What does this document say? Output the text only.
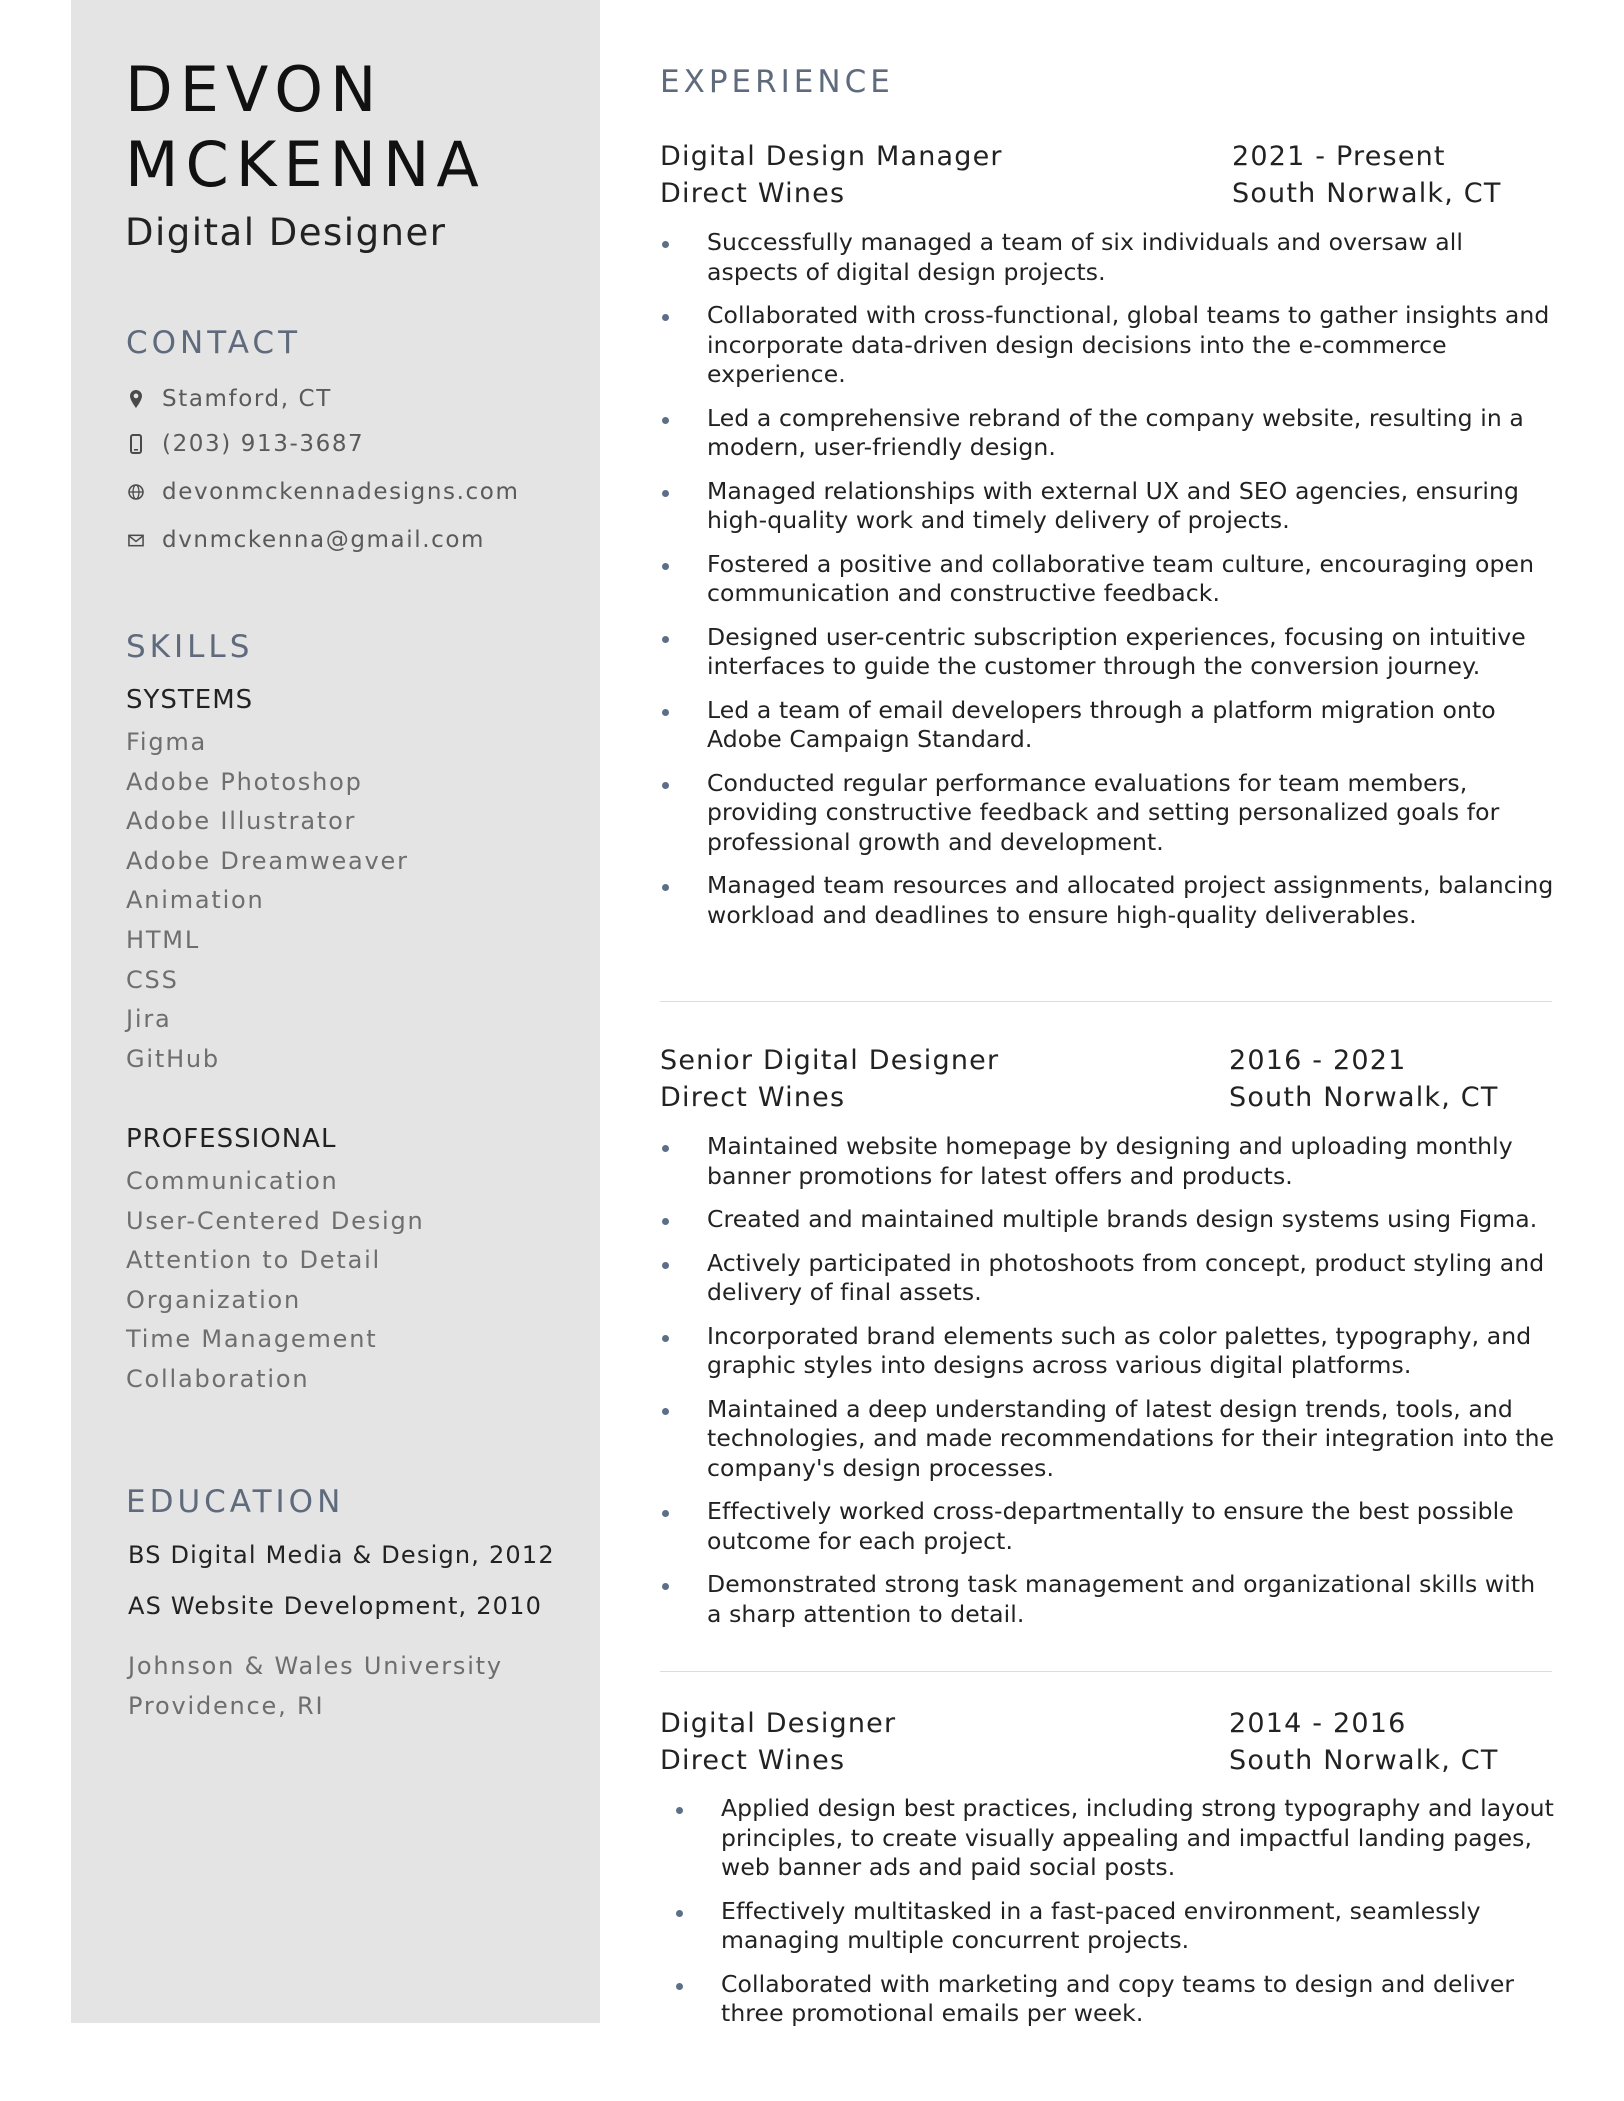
DEVON
MCKENNA
Digital Designer
CONTACT
Stamford, CT
(203) 913-3687
devonmckennadesigns.com
dvnmckenna@gmail.com
SKILLS
SYSTEMS
Figma
Adobe Photoshop
Adobe Illustrator
Adobe Dreamweaver
Animation
HTML
CSS
Jira
GitHub
PROFESSIONAL
Communication
User-Centered Design
Attention to Detail
Organization
Time Management
Collaboration
EDUCATION
BS Digital Media & Design, 2012
AS Website Development, 2010
Johnson & Wales University
Providence, RI
EXPERIENCE
Digital Design Manager	2021 - Present
Direct Wines	South Norwalk, CT
Successfully managed a team of six individuals and oversaw all aspects of digital design projects.
Collaborated with cross-functional, global teams to gather insights and incorporate data-driven design decisions into the e-commerce experience.
Led a comprehensive rebrand of the company website, resulting in a modern, user-friendly design.
Managed relationships with external UX and SEO agencies, ensuring high-quality work and timely delivery of projects.
Fostered a positive and collaborative team culture, encouraging open communication and constructive feedback.
Designed user-centric subscription experiences, focusing on intuitive interfaces to guide the customer through the conversion journey.
Led a team of email developers through a platform migration onto Adobe Campaign Standard.
Conducted regular performance evaluations for team members, providing constructive feedback and setting personalized goals for professional growth and development.
Managed team resources and allocated project assignments, balancing workload and deadlines to ensure high-quality deliverables.
Senior Digital Designer	2016 - 2021
Direct Wines	South Norwalk, CT
Maintained website homepage by designing and uploading monthly banner promotions for latest offers and products.
Created and maintained multiple brands design systems using Figma.
Actively participated in photoshoots from concept, product styling and delivery of final assets.
Incorporated brand elements such as color palettes, typography, and graphic styles into designs across various digital platforms.
Maintained a deep understanding of latest design trends, tools, and technologies, and made recommendations for their integration into the company's design processes.
Effectively worked cross-departmentally to ensure the best possible outcome for each project.
Demonstrated strong task management and organizational skills with a sharp attention to detail.
Digital Designer	2014 - 2016
Direct Wines	South Norwalk, CT
Applied design best practices, including strong typography and layout principles, to create visually appealing and impactful landing pages, web banner ads and paid social posts.
Effectively multitasked in a fast-paced environment, seamlessly managing multiple concurrent projects.
Collaborated with marketing and copy teams to design and deliver three promotional emails per week.
